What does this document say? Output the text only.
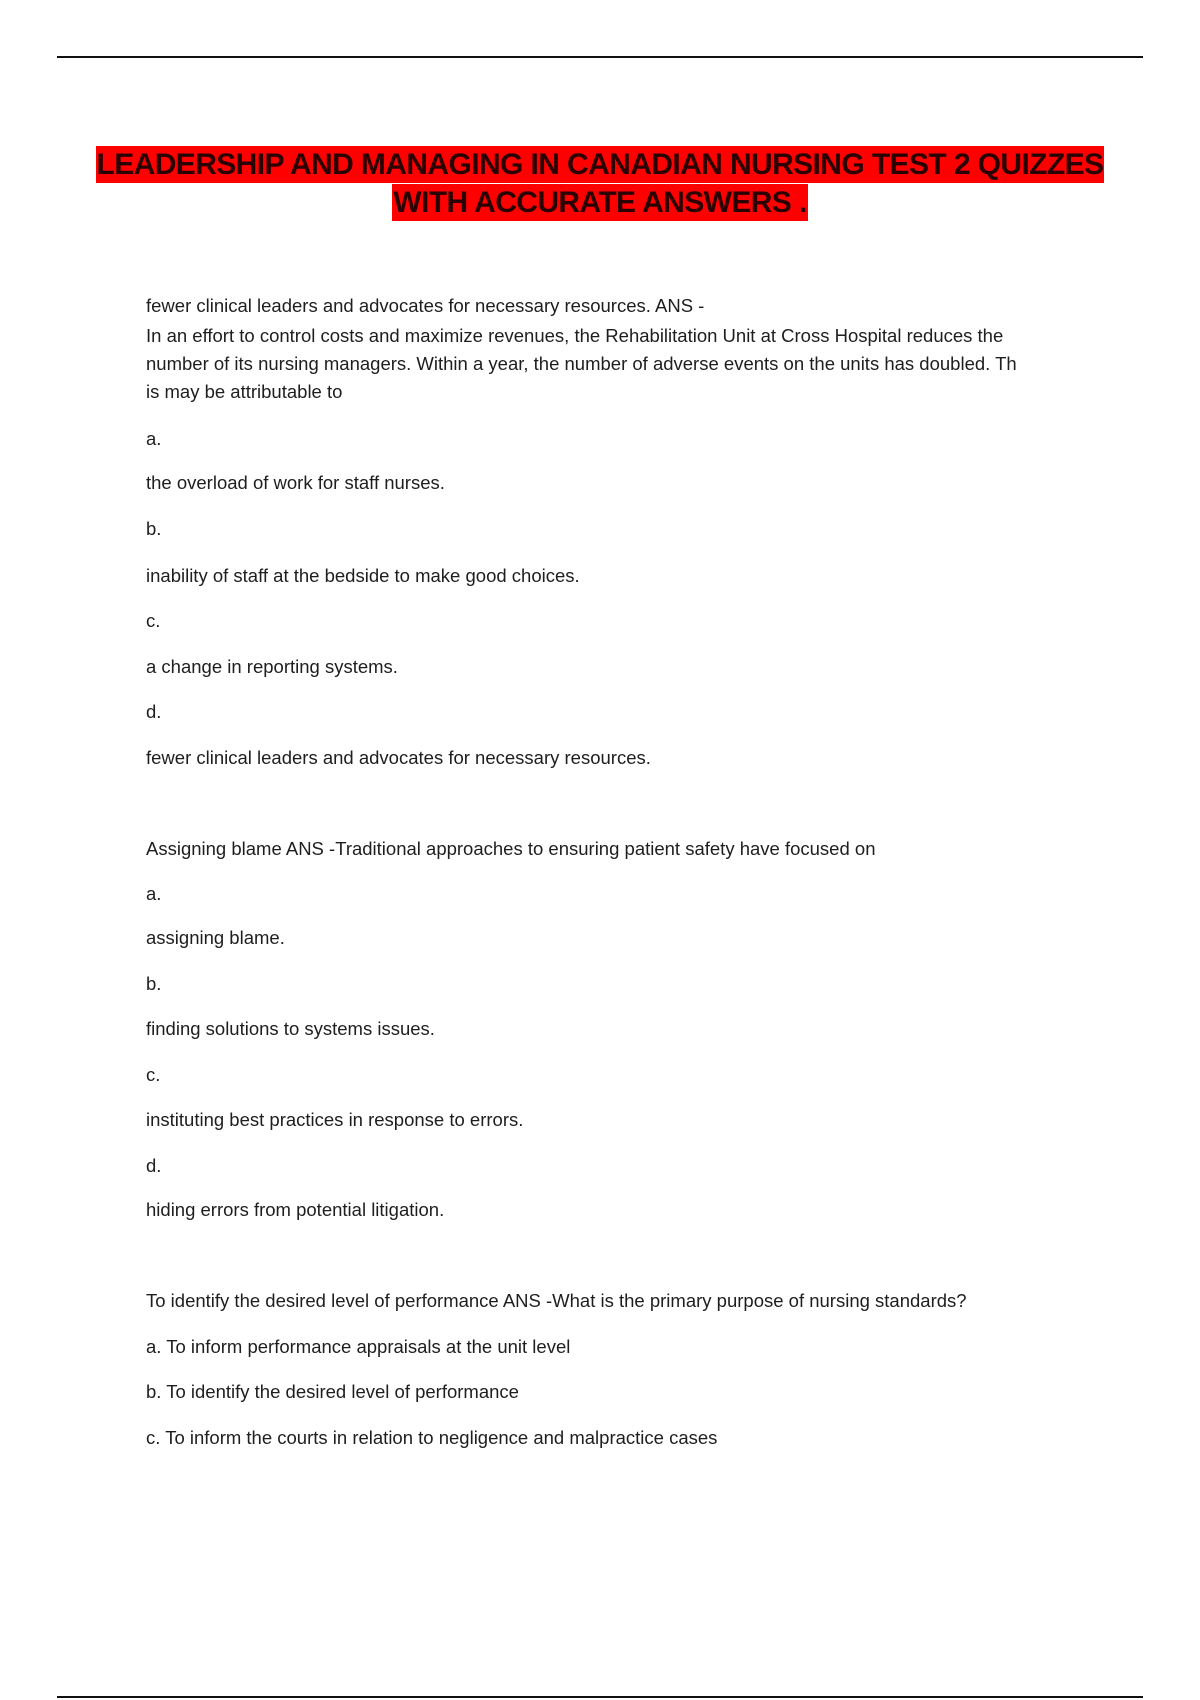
LEADERSHIP AND MANAGING IN CANADIAN NURSING TEST 2 QUIZZES
WITH ACCURATE ANSWERS .

fewer clinical leaders and advocates for necessary resources. ANS -

In an effort to control costs and maximize revenues, the Rehabilitation Unit at Cross Hospital reduces the

number of its nursing managers. Within a year, the number of adverse events on the units has doubled. Th

is may be attributable to

a.

the overload of work for staff nurses.

b.

inability of staff at the bedside to make good choices.

c.

a change in reporting systems.

d.

fewer clinical leaders and advocates for necessary resources.

Assigning blame ANS -Traditional approaches to ensuring patient safety have focused on

a.

assigning blame.

b.

finding solutions to systems issues.

c.

instituting best practices in response to errors.

d.

hiding errors from potential litigation.

To identify the desired level of performance ANS -What is the primary purpose of nursing standards?

a. To inform performance appraisals at the unit level

b. To identify the desired level of performance

c. To inform the courts in relation to negligence and malpractice cases
